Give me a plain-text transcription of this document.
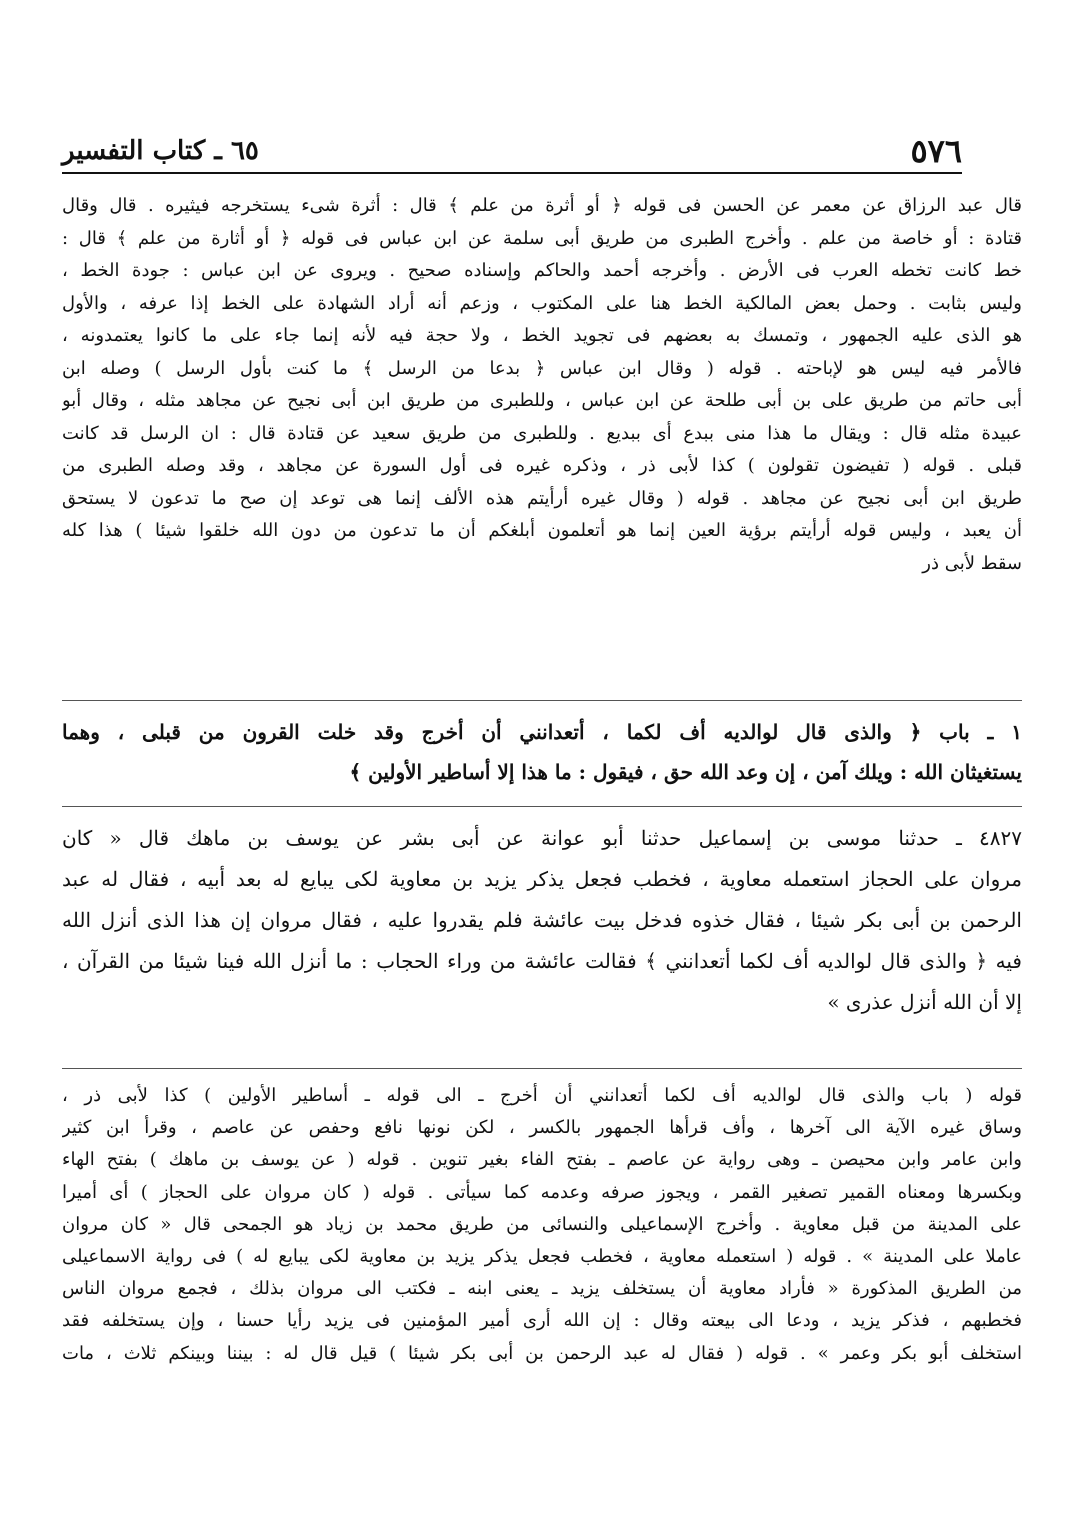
٦٥ ـ كتاب التفسير	٥٧٦
قال عبد الرزاق عن معمر عن الحسن فى قوله ﴿ أو أثرة من علم ﴾ قال : أثرة شىء يستخرجه فيثيره . قال وقال
قتادة : أو خاصة من علم . وأخرج الطبرى من طريق أبى سلمة عن ابن عباس فى قوله ﴿ أو أثارة من علم ﴾ قال :
خط كانت تخطه العرب فى الأرض . وأخرجه أحمد والحاكم وإسناده صحيح . ويروى عن ابن عباس : جودة الخط ،
وليس بثابت . وحمل بعض المالكية الخط هنا على المكتوب ، وزعم أنه أراد الشهادة على الخط إذا عرفه ، والأول
هو الذى عليه الجمهور ، وتمسك به بعضهم فى تجويد الخط ، ولا حجة فيه لأنه إنما جاء على ما كانوا يعتمدونه ،
فالأمر فيه ليس هو لإباحته . قوله ( وقال ابن عباس ﴿ بدعا من الرسل ﴾ ما كنت بأول الرسل ) وصله ابن
أبى حاتم من طريق على بن أبى طلحة عن ابن عباس ، وللطبرى من طريق ابن أبى نجيح عن مجاهد مثله ، وقال أبو
عبيدة مثله قال : ويقال ما هذا منى ببدع أى ببديع . وللطبرى من طريق سعيد عن قتادة قال : ان الرسل قد كانت
قبلى . قوله ( تفيضون تقولون ) كذا لأبى ذر ، وذكره غيره فى أول السورة عن مجاهد ، وقد وصله الطبرى من
طريق ابن أبى نجيح عن مجاهد . قوله ( وقال غيره أرأيتم هذه الألف إنما هى توعد إن صح ما تدعون لا يستحق
أن يعبد ، وليس قوله أرأيتم برؤية العين إنما هو أتعلمون أبلغكم أن ما تدعون من دون الله خلقوا شيئا ) هذا كله
سقط لأبى ذر
١ ـ باب ﴿ والذى قال لوالديه أف لكما ، أتعدانني أن أخرج وقد خلت القرون من قبلى ، وهما
يستغيثان الله : ويلك آمن ، إن وعد الله حق ، فيقول : ما هذا إلا أساطير الأولين ﴾
٤٨٢٧ ـ حدثنا موسى بن إسماعيل حدثنا أبو عوانة عن أبى بشر عن يوسف بن ماهك قال « كان
مروان على الحجاز استعمله معاوية ، فخطب فجعل يذكر يزيد بن معاوية لكى يبايع له بعد أبيه ، فقال له عبد
الرحمن بن أبى بكر شيئا ، فقال خذوه فدخل بيت عائشة فلم يقدروا عليه ، فقال مروان إن هذا الذى أنزل الله
فيه ﴿ والذى قال لوالديه أف لكما أتعدانني ﴾ فقالت عائشة من وراء الحجاب : ما أنزل الله فينا شيئا من القرآن ،
إلا أن الله أنزل عذرى »
قوله ( باب والذى قال لوالديه أف لكما أتعدانني أن أخرج ـ الى قوله ـ أساطير الأولين ) كذا لأبى ذر ،
وساق غيره الآية الى آخرها ، وأف قرأها الجمهور بالكسر ، لكن نونها نافع وحفص عن عاصم ، وقرأ ابن كثير
وابن عامر وابن محيصن ـ وهى رواية عن عاصم ـ بفتح الفاء بغير تنوين . قوله ( عن يوسف بن ماهك ) بفتح الهاء
وبكسرها ومعناه القمير تصغير القمر ، ويجوز صرفه وعدمه كما سيأتى . قوله ( كان مروان على الحجاز ) أى أميرا
على المدينة من قبل معاوية . وأخرج الإسماعيلى والنسائى من طريق محمد بن زياد هو الجمحى قال « كان مروان
عاملا على المدينة » . قوله ( استعمله معاوية ، فخطب فجعل يذكر يزيد بن معاوية لكى يبايع له ) فى رواية الاسماعيلى
من الطريق المذكورة « فأراد معاوية أن يستخلف يزيد ـ يعنى ابنه ـ فكتب الى مروان بذلك ، فجمع مروان الناس
فخطبهم ، فذكر يزيد ، ودعا الى بيعته وقال : إن الله أرى أمير المؤمنين فى يزيد رأيا حسنا ، وإن يستخلفه فقد
استخلف أبو بكر وعمر » . قوله ( فقال له عبد الرحمن بن أبى بكر شيئا ) قيل قال له : بيننا وبينكم ثلاث ، مات
